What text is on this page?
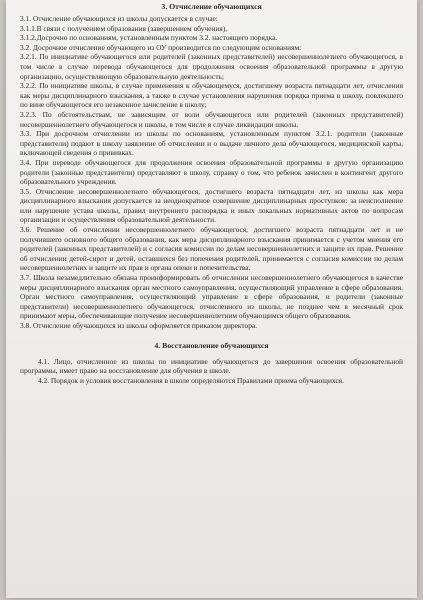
3. Отчисление обучающихся

3.1. Отчисление обучающихся из школы допускается в случае:

3.1.1.В связи с получением образования (завершением обучения),

3.1.2.Досрочно по основаниям, установленным пунктом 3.2. настоящего порядка.

3.2. Досрочное отчисление обучающего из ОУ производится по следующим основаниям:

3.2.1. По инициативе обучающегося или родителей (законных представителей) несовершеннолетнего обучающегося, в том числе в случае перевода обучающегося для продолжения освоения образовательной программы в другую организацию, осуществляющую образовательную деятельность;

3.2.2. По инициативе школы, в случае применения к обучающемуся, достигшему возраста пятнадцати лет, отчисления как меры дисциплинарного взыскания, а также в случае установления нарушения порядка приема в школу, повлекшего по вине обучающегося его незаконное зачисление в школу;

3.2.3. По обстоятельствам, не зависящим от воли обучающегося или родителей (законных представителей) несовершеннолетнего обучающегося и школы, в том числе в случае ликвидации школы.

3.3. При досрочном отчислении из школы по основаниям, установленным пунктом 3.2.1. родители (законные представители) подают в школу заявление об отчислении и о выдаче личного дела обучающегося, медицинской карты, включающей сведения о прививках.

3.4. При переводе обучающегося для продолжения освоения образовательной программы в другую организацию родители (законные представители) представляют в школу, справку о том, что ребенок зачислен в контингент другого образовательного учреждения.

3.5. Отчисление несовершеннолетнего обучающегося, достигшего возраста пятнадцати лет, из школы как мера дисциплинарного взыскания допускается за неоднократное совершение дисциплинарных проступков: за неисполнение или нарушение устава школы, правил внутреннего распорядка и иных локальных нормативных актов по вопросам организации и осуществления образовательной деятельности.

3.6. Решение об отчислении несовершеннолетнего обучающегося, достигшего возраста пятнадцати лет и не получившего основного общего образования, как мера дисциплинарного взыскания принимается с учетом мнения его родителей (законных представителей) и с согласия комиссии по делам несовершеннолетних и защите их прав. Решение об отчислении детей-сирот и детей, оставшихся без попечения родителей, принимается с согласия комиссии по делам несовершеннолетних и защите их прав и органа опеки и попечительства.

3.7. Школа незамедлительно обязана проинформировать об отчислении несовершеннолетнего обучающегося в качестве меры дисциплинарного взыскания орган местного самоуправления, осуществляющий управление в сфере образования. Орган местного самоуправления, осуществляющий управление в сфере образования, и родители (законные представители) несовершеннолетнего обучающегося, отчисленного из школы, не позднее чем в месячный срок принимают меры, обеспечивающие получение несовершеннолетним обучающимся общего образования.

3.8. Отчисление обучающихся из школы оформляется приказом директора.

4. Восстановление обучающихся

4.1. Лицо, отчисленное из школы по инициативе обучающегося до завершения освоения образовательной программы, имеет право на восстановление для обучения в школе.

4.2. Порядок и условия восстановления в школе определяются Правилами приема обучающихся.
